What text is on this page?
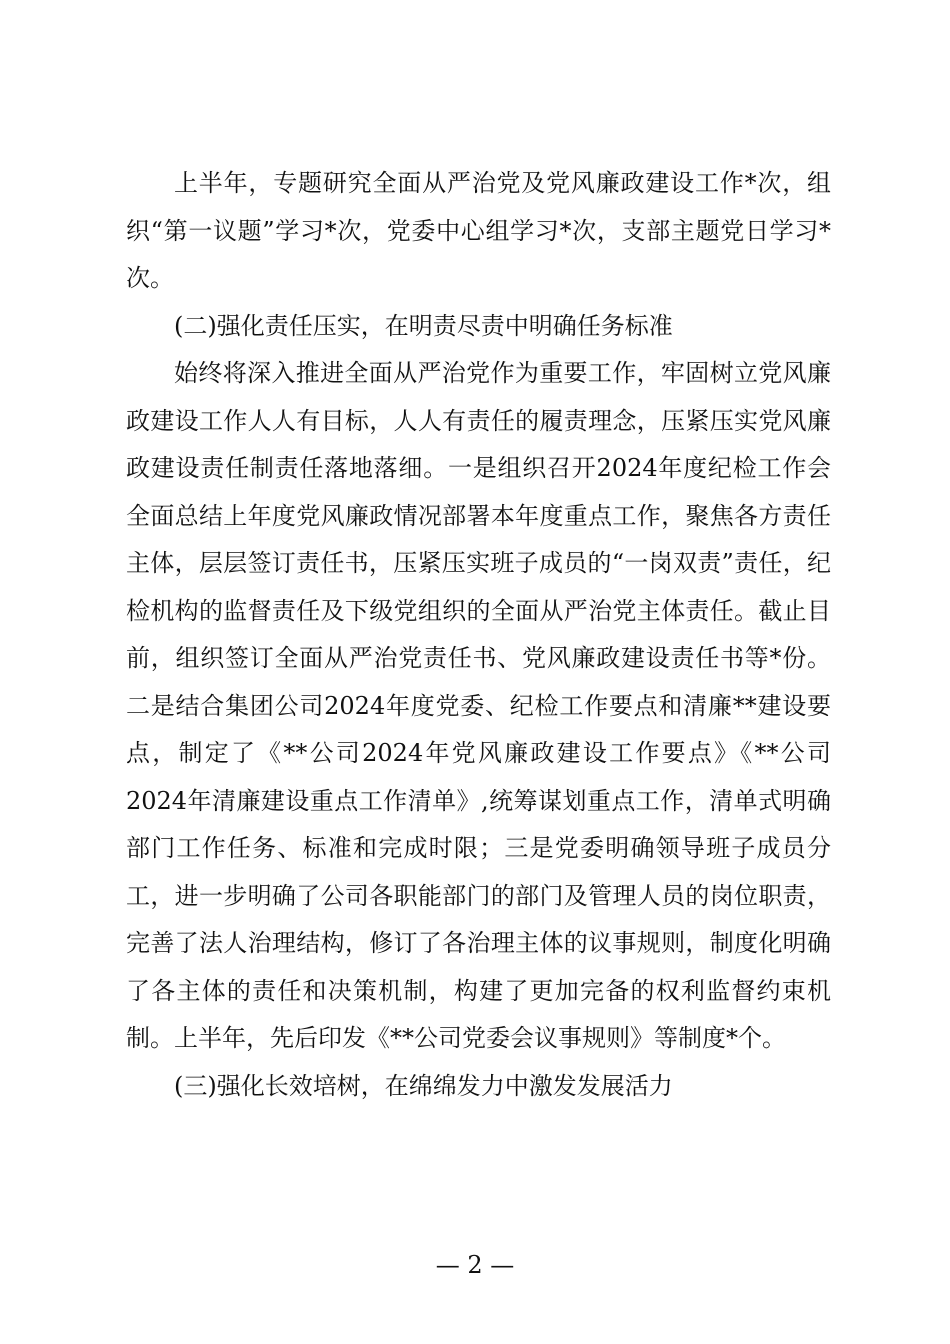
上半年，专题研究全面从严治党及党风廉政建设工作*次，组织“第一议题”学习*次，党委中心组学习*次，支部主题党日学习*次。

(二)强化责任压实，在明责尽责中明确任务标准

始终将深入推进全面从严治党作为重要工作，牢固树立党风廉政建设工作人人有目标，人人有责任的履责理念，压紧压实党风廉政建设责任制责任落地落细。一是组织召开2024年度纪检工作会全面总结上年度党风廉政情况部署本年度重点工作，聚焦各方责任主体，层层签订责任书，压紧压实班子成员的“一岗双责”责任，纪检机构的监督责任及下级党组织的全面从严治党主体责任。截止目前，组织签订全面从严治党责任书、党风廉政建设责任书等*份。二是结合集团公司2024年度党委、纪检工作要点和清廉**建设要点，制定了《**公司2024年党风廉政建设工作要点》《**公司2024年清廉建设重点工作清单》,统筹谋划重点工作，清单式明确部门工作任务、标准和完成时限；三是党委明确领导班子成员分工，进一步明确了公司各职能部门的部门及管理人员的岗位职责，完善了法人治理结构，修订了各治理主体的议事规则，制度化明确了各主体的责任和决策机制，构建了更加完备的权利监督约束机制。上半年，先后印发《**公司党委会议事规则》等制度*个。

(三)强化长效培树，在绵绵发力中激发发展活力

— 2 —
